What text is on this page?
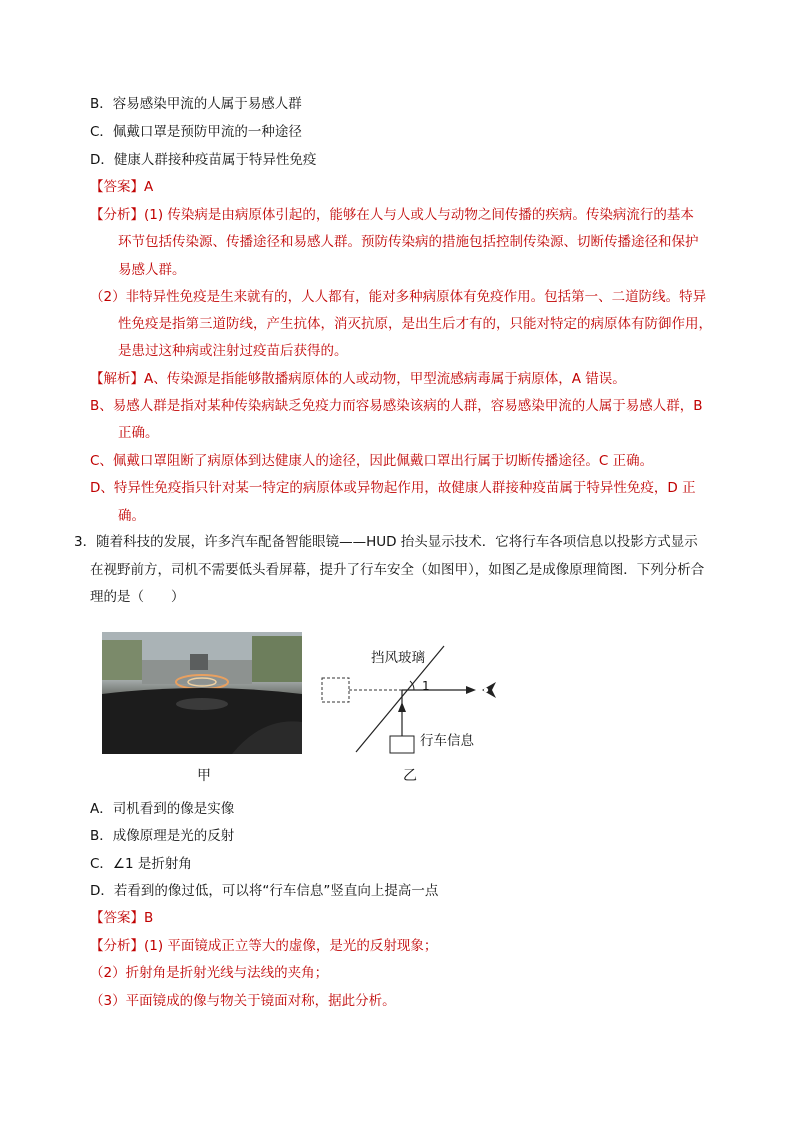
B．容易感染甲流的人属于易感人群
C．佩戴口罩是预防甲流的一种途径
D．健康人群接种疫苗属于特异性免疫
【答案】A
【分析】(1) 传染病是由病原体引起的，能够在人与人或人与动物之间传播的疾病。传染病流行的基本
环节包括传染源、传播途径和易感人群。预防传染病的措施包括控制传染源、切断传播途径和保护
易感人群。
（2）非特异性免疫是生来就有的，人人都有，能对多种病原体有免疫作用。包括第一、二道防线。特异
性免疫是指第三道防线，产生抗体，消灭抗原，是出生后才有的，只能对特定的病原体有防御作用，
是患过这种病或注射过疫苗后获得的。
【解析】A、传染源是指能够散播病原体的人或动物，甲型流感病毒属于病原体，A 错误。
B、易感人群是指对某种传染病缺乏免疫力而容易感染该病的人群，容易感染甲流的人属于易感人群，B
正确。
C、佩戴口罩阻断了病原体到达健康人的途径，因此佩戴口罩出行属于切断传播途径。C 正确。
D、特异性免疫指只针对某一特定的病原体或异物起作用，故健康人群接种疫苗属于特异性免疫，D 正
确。
3．随着科技的发展，许多汽车配备智能眼镜——HUD 抬头显示技术．它将行车各项信息以投影方式显示
在视野前方，司机不需要低头看屏幕，提升了行车安全（如图甲），如图乙是成像原理简图．下列分析合
理的是（　　）
甲
挡风玻璃
1
行车信息
乙
A．司机看到的像是实像
B．成像原理是光的反射
C．∠1 是折射角
D．若看到的像过低，可以将“行车信息”竖直向上提高一点
【答案】B
【分析】(1) 平面镜成正立等大的虚像，是光的反射现象；
（2）折射角是折射光线与法线的夹角；
（3）平面镜成的像与物关于镜面对称，据此分析。
